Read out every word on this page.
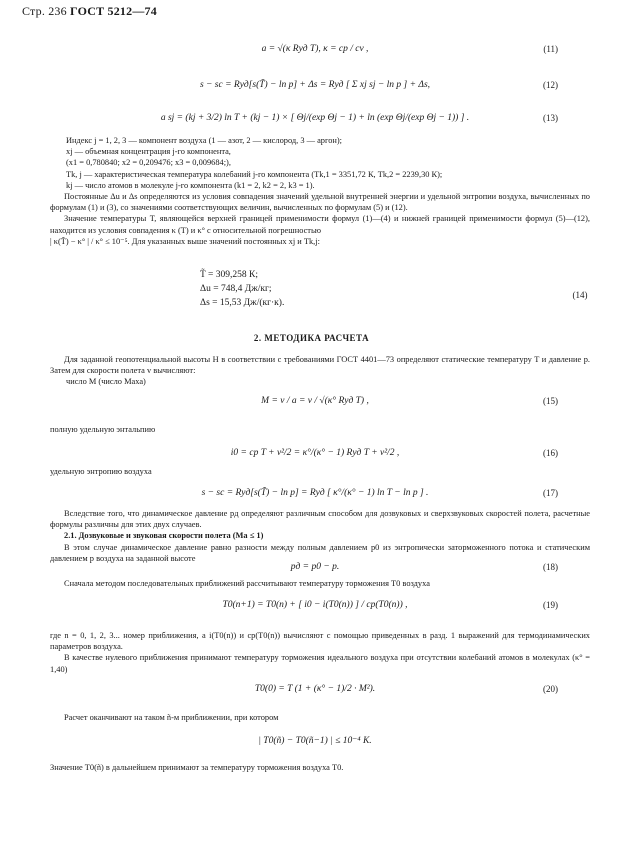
Стр. 236 ГОСТ 5212—74
a = √(κ Rуд T), κ = cp / cv ,	(11)
s − sc = Rуд[s(T̃) − ln p] + Δs = Rуд [ Σ xj sj − ln p ] + Δs,	(12)
a sj = (kj + 3/2) ln T + (kj − 1) × [ Θj/(exp Θj − 1) + ln (exp Θj/(exp Θj − 1)) ] .	(13)
Индекс j = 1, 2, 3 — компонент воздуха (1 — азот, 2 — кислород, 3 — аргон);
xj — объемная концентрация j-го компонента,
(x1 = 0,780840; x2 = 0,209476; x3 = 0,009684;),
Tk, j — характеристическая температура колебаний j-го компонента (Tk,1 = 3351,72 К, Tk,2 = 2239,30 К);
kj — число атомов в молекуле j-го компонента (k1 = 2, k2 = 2, k3 = 1).

Постоянные Δu и Δs определяются из условия совпадения значений удельной внутренней энергии и удельной энтропии воздуха, вычисленных по формулам (1) и (3), со значениями соответствующих величин, вычисленных по формулам (5) и (12).

Значение температуры T, являющейся верхней границей применимости формул (1)—(4) и нижней границей применимости формул (5)—(12), находится из условия совпадения κ (T) и κ° с относительной погрешностью

| κ(T̃) − κ° | / κ° ≤ 10⁻⁵. Для указанных выше значений постоянных xj и Tk,j:
T̃ = 309,258 К;
Δu = 748,4 Дж/кг;
Δs = 15,53 Дж/(кг·к).
(14)
2. МЕТОДИКА РАСЧЕТА

Для заданной геопотенциальной высоты H в соответствии с требованиями ГОСТ 4401—73 определяют статические температуру T и давление p. Затем для скорости полета v вычисляют:

число M (число Маха)
M = v / a = v / √(κ° Rуд T) ,	(15)
полную удельную энтальпию
i0 = cp T + v²/2 = κ°/(κ° − 1) Rуд T + v²/2 ,	(16)
удельную энтропию воздуха
s − sc = Rуд[s(T̃) − ln p] = Rуд [ κ°/(κ° − 1) ln T − ln p ] .	(17)

Вследствие того, что динамическое давление pд определяют различным способом для дозвуковых и сверхзвуковых скоростей полета, расчетные формулы различны для этих двух случаев.

2.1. Дозвуковые и звуковая скорости полета (Mа ≤ 1)

В этом случае динамическое давление равно разности между полным давлением p0 из энтропически заторможенного потока и статическим давлением p воздуха на заданной высоте

pд = p0 − p.	(18)

Сначала методом последовательных приближений рассчитывают температуру торможения T0 воздуха

T0(n+1) = T0(n) + [ i0 − i(T0(n)) ] / cp(T0(n)) ,	(19)

где n = 0, 1, 2, 3... номер приближения, а i(T0(n)) и cp(T0(n)) вычисляют с помощью приведенных в разд. 1 выражений для термодинамических параметров воздуха.

В качестве нулевого приближения принимают температуру торможения идеального воздуха при отсутствии колебаний атомов в молекулах (κ° = 1,40)

T0(0) = T (1 + (κ° − 1)/2 · M²).	(20)

Расчет оканчивают на таком ñ-м приближении, при котором

| T0(ñ) − T0(ñ−1) | ≤ 10⁻⁴ К.

Значение T0(ñ) в дальнейшем принимают за температуру торможения воздуха T0.
